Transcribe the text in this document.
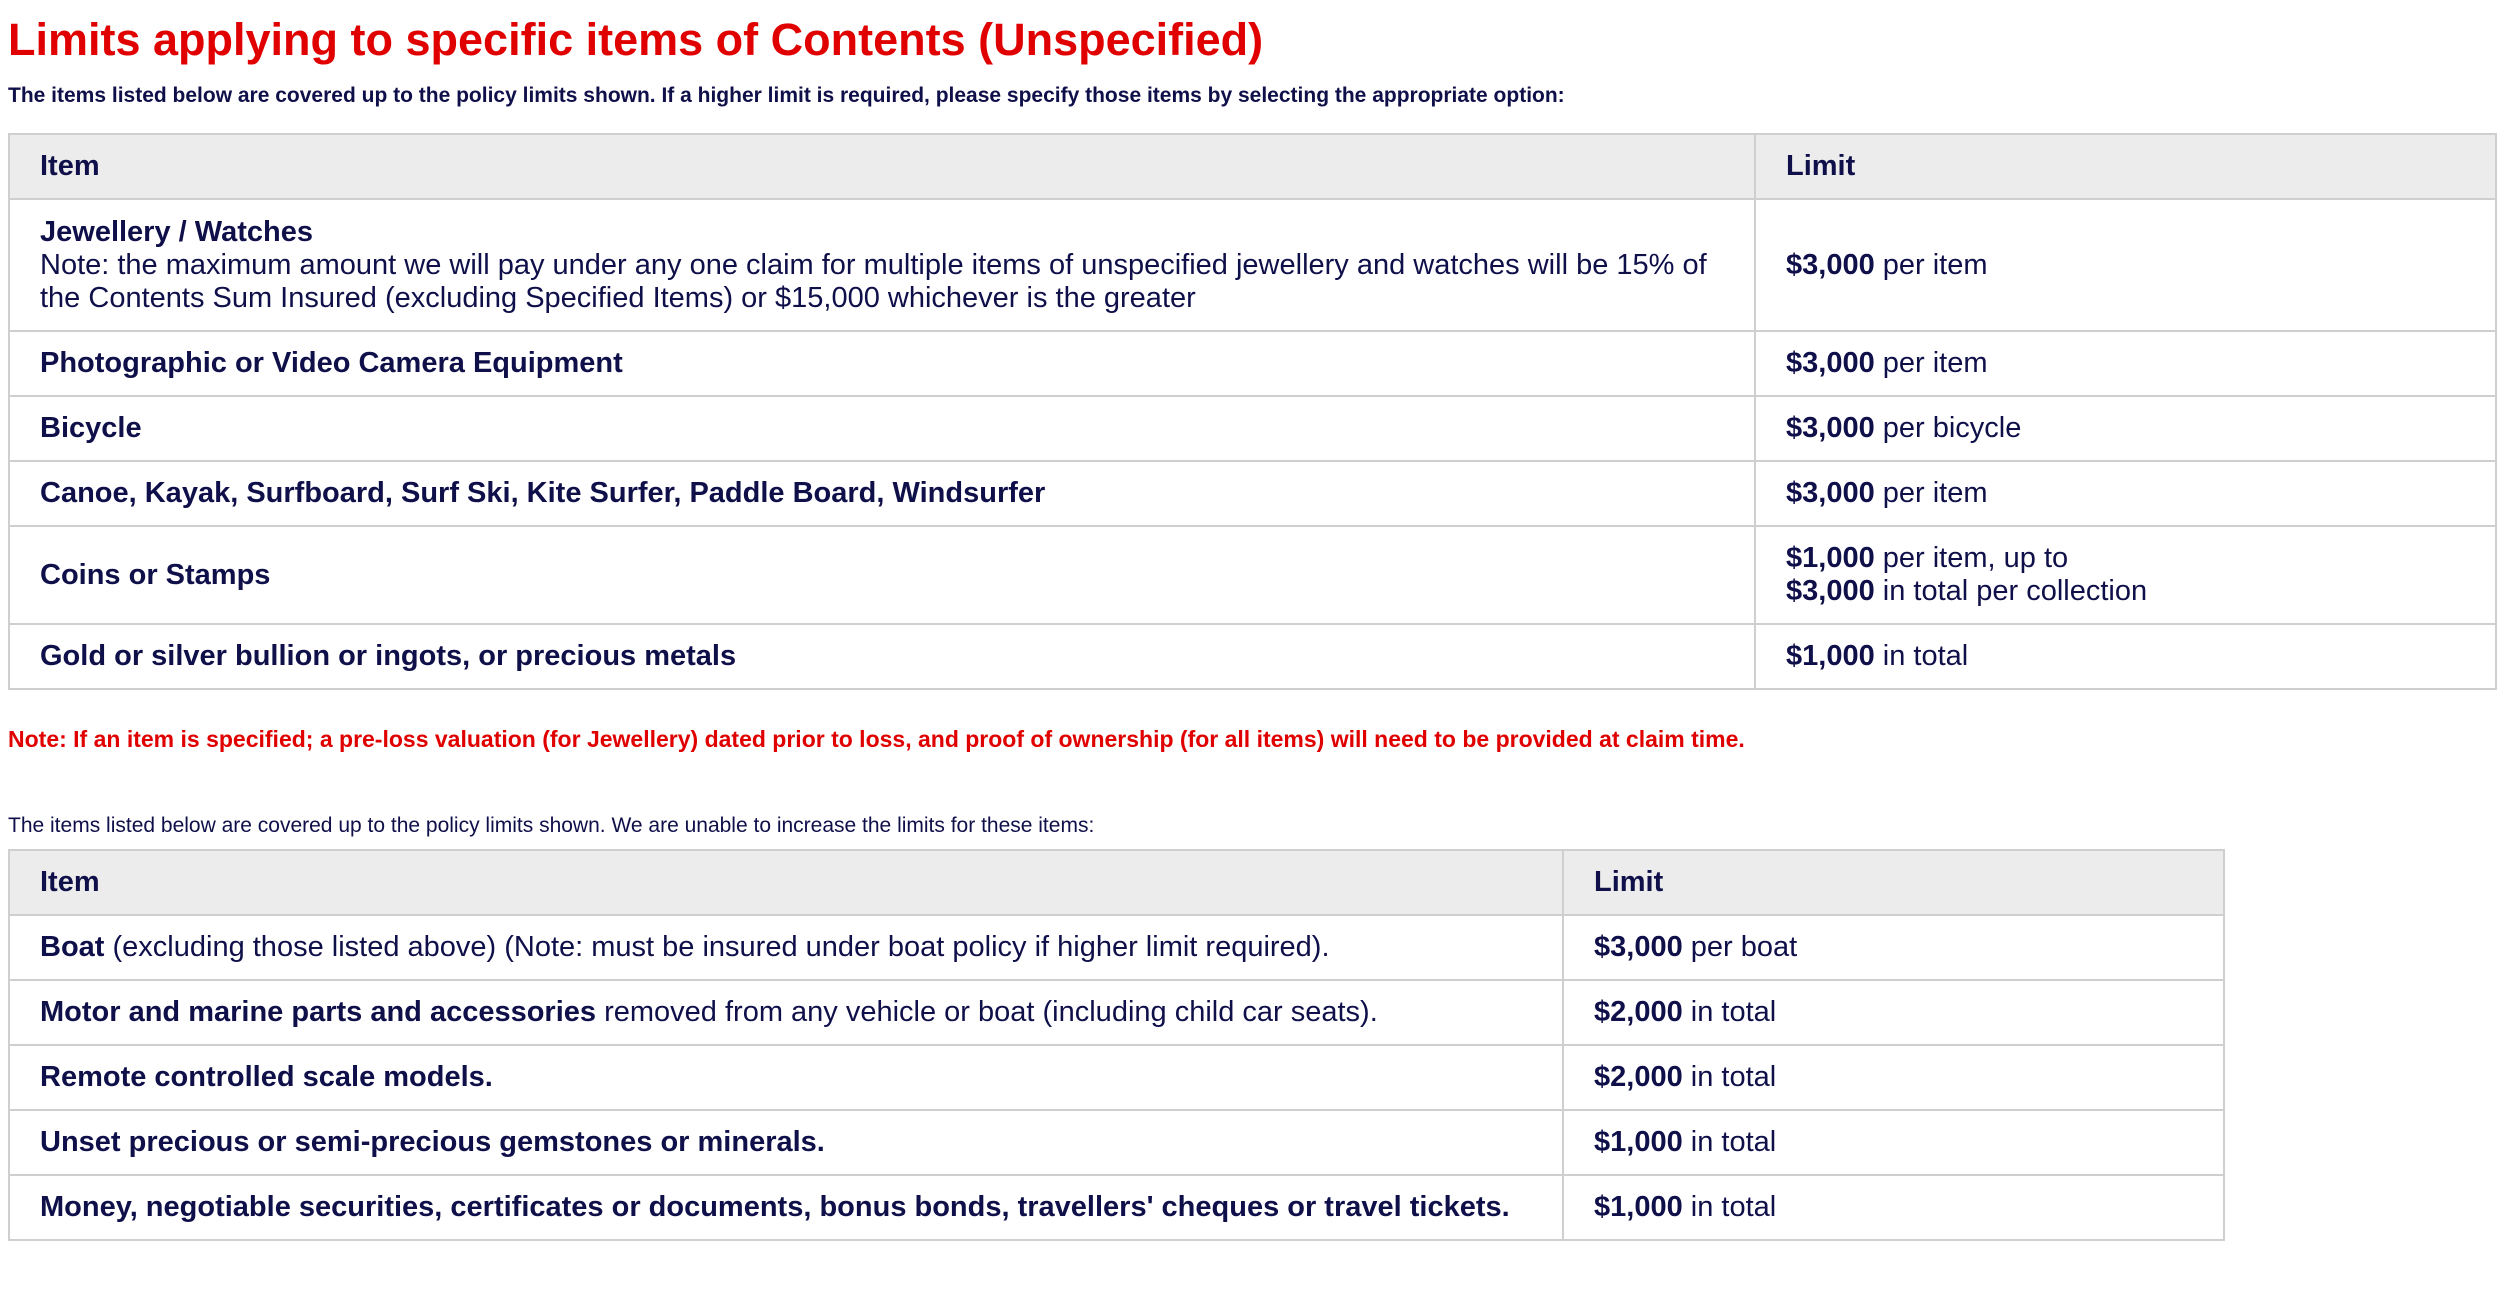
Limits applying to specific items of Contents (Unspecified)
The items listed below are covered up to the policy limits shown. If a higher limit is required, please specify those items by selecting the appropriate option:
Item	Limit

Jewellery / Watches
Note: the maximum amount we will pay under any one claim for multiple items of unspecified jewellery and watches will be 15% of the Contents Sum Insured (excluding Specified Items) or $15,000 whichever is the greater	$3,000 per item
Photographic or Video Camera Equipment	$3,000 per item
Bicycle	$3,000 per bicycle
Canoe, Kayak, Surfboard, Surf Ski, Kite Surfer, Paddle Board, Windsurfer	$3,000 per item
Coins or Stamps	$1,000 per item, up to
$3,000 in total per collection

Gold or silver bullion or ingots, or precious metals	$1,000 in total
Note: If an item is specified; a pre-loss valuation (for Jewellery) dated prior to loss, and proof of ownership (for all items) will need to be provided at claim time.
The items listed below are covered up to the policy limits shown. We are unable to increase the limits for these items:
Item	Limit
Boat (excluding those listed above) (Note: must be insured under boat policy if higher limit required).	$3,000 per boat
Motor and marine parts and accessories removed from any vehicle or boat (including child car seats).	$2,000 in total
Remote controlled scale models.	$2,000 in total
Unset precious or semi-precious gemstones or minerals.	$1,000 in total
Money, negotiable securities, certificates or documents, bonus bonds, travellers' cheques or travel tickets.	$1,000 in total
